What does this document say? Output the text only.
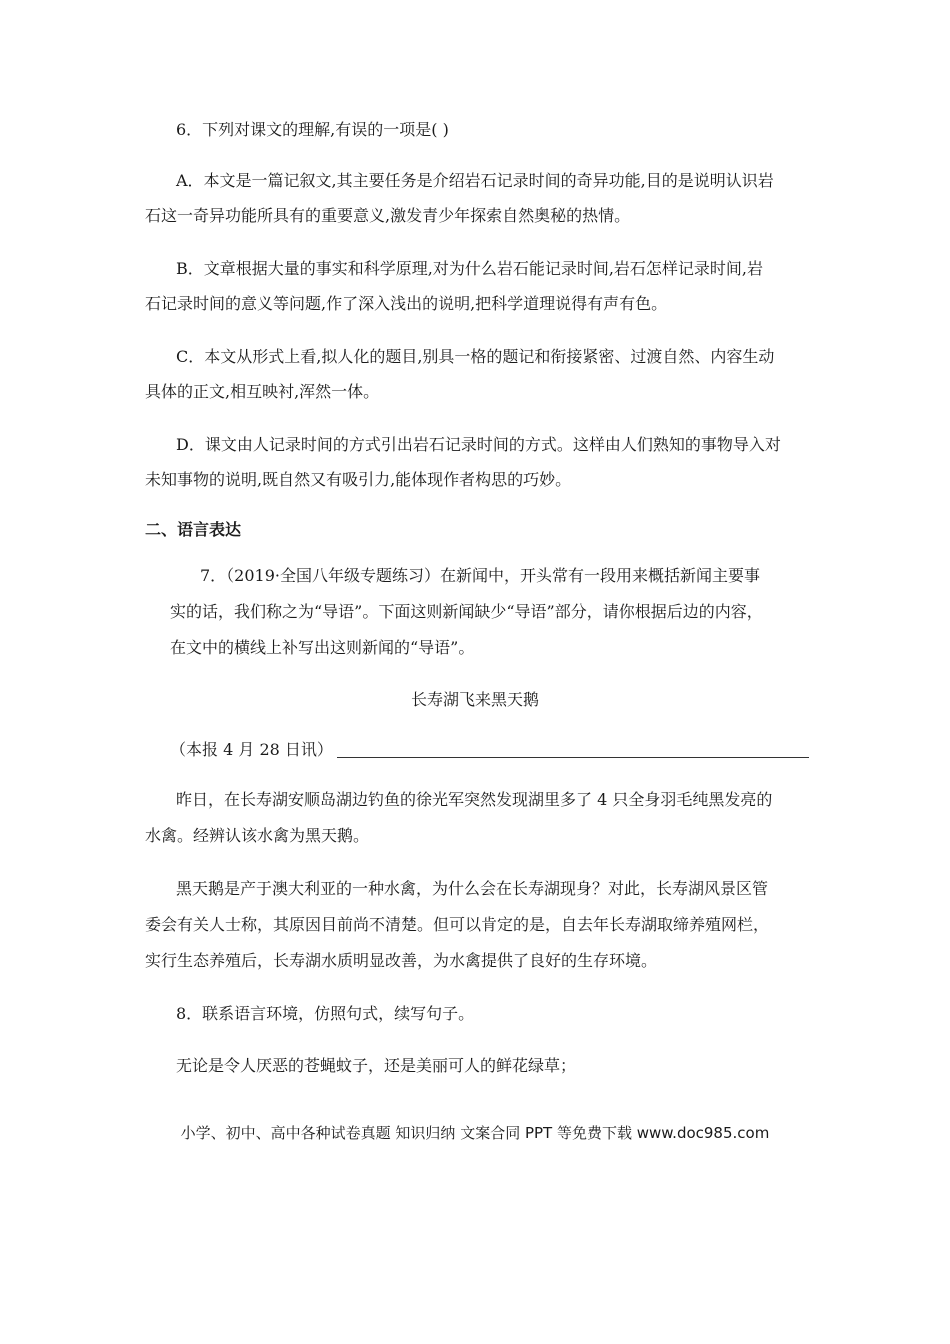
6．下列对课文的理解,有误的一项是( )
A．本文是一篇记叙文,其主要任务是介绍岩石记录时间的奇异功能,目的是说明认识岩
石这一奇异功能所具有的重要意义,激发青少年探索自然奥秘的热情。
B．文章根据大量的事实和科学原理,对为什么岩石能记录时间,岩石怎样记录时间,岩
石记录时间的意义等问题,作了深入浅出的说明,把科学道理说得有声有色。
C．本文从形式上看,拟人化的题目,别具一格的题记和衔接紧密、过渡自然、内容生动
具体的正文,相互映衬,浑然一体。
D．课文由人记录时间的方式引出岩石记录时间的方式。这样由人们熟知的事物导入对
未知事物的说明,既自然又有吸引力,能体现作者构思的巧妙。
二、语言表达
7．（2019·全国八年级专题练习）在新闻中，开头常有一段用来概括新闻主要事
实的话，我们称之为“导语”。下面这则新闻缺少“导语”部分，请你根据后边的内容，
在文中的横线上补写出这则新闻的“导语”。
长寿湖飞来黑天鹅
（本报 4 月 28 日讯）
昨日，在长寿湖安顺岛湖边钓鱼的徐光军突然发现湖里多了 4 只全身羽毛纯黑发亮的
水禽。经辨认该水禽为黑天鹅。
黑天鹅是产于澳大利亚的一种水禽，为什么会在长寿湖现身？对此，长寿湖风景区管
委会有关人士称，其原因目前尚不清楚。但可以肯定的是，自去年长寿湖取缔养殖网栏，
实行生态养殖后，长寿湖水质明显改善，为水禽提供了良好的生存环境。
8．联系语言环境，仿照句式，续写句子。
无论是令人厌恶的苍蝇蚊子，还是美丽可人的鲜花绿草；
小学、初中、高中各种试卷真题 知识归纳 文案合同 PPT 等免费下载 www.doc985.com
